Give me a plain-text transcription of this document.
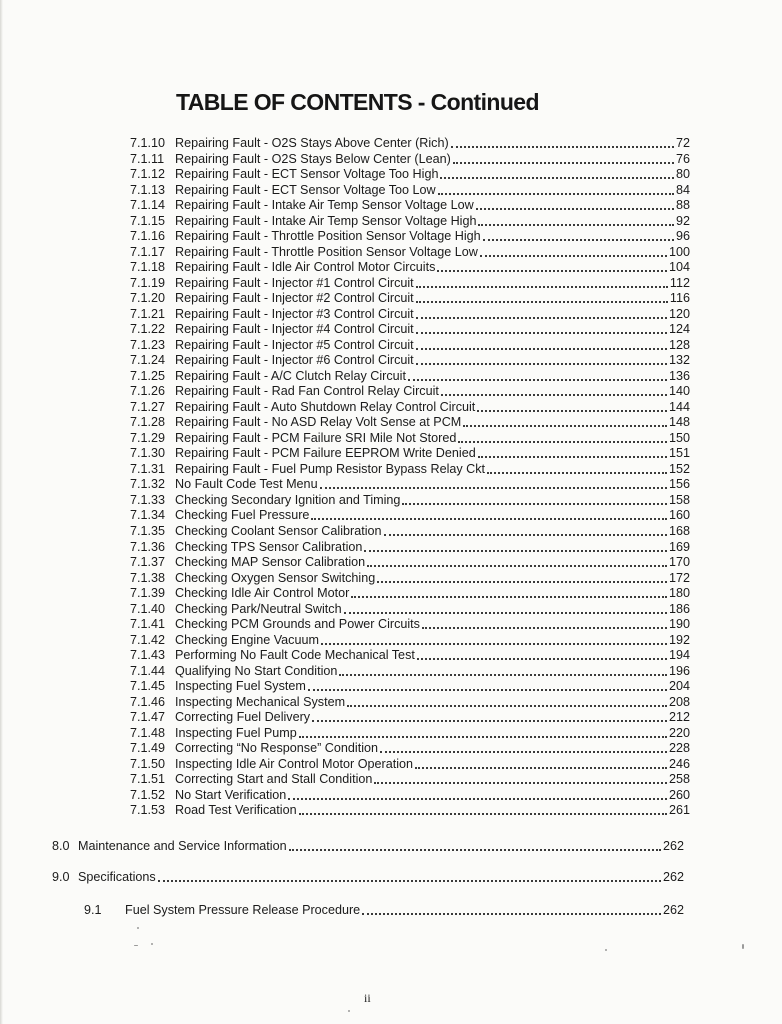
TABLE OF CONTENTS - Continued
7.1.10 Repairing Fault - O2S Stays Above Center (Rich)	72
7.1.11 Repairing Fault - O2S Stays Below Center (Lean)	76
7.1.12 Repairing Fault - ECT Sensor Voltage Too High	80
7.1.13 Repairing Fault - ECT Sensor Voltage Too Low	84
7.1.14 Repairing Fault - Intake Air Temp Sensor Voltage Low	88
7.1.15 Repairing Fault - Intake Air Temp Sensor Voltage High	92
7.1.16 Repairing Fault - Throttle Position Sensor Voltage High	96
7.1.17 Repairing Fault - Throttle Position Sensor Voltage Low	100
7.1.18 Repairing Fault - Idle Air Control Motor Circuits	104
7.1.19 Repairing Fault - Injector #1 Control Circuit	112
7.1.20 Repairing Fault - Injector #2 Control Circuit	116
7.1.21 Repairing Fault - Injector #3 Control Circuit	120
7.1.22 Repairing Fault - Injector #4 Control Circuit	124
7.1.23 Repairing Fault - Injector #5 Control Circuit	128
7.1.24 Repairing Fault - Injector #6 Control Circuit	132
7.1.25 Repairing Fault - A/C Clutch Relay Circuit	136
7.1.26 Repairing Fault - Rad Fan Control Relay Circuit	140
7.1.27 Repairing Fault - Auto Shutdown Relay Control Circuit	144
7.1.28 Repairing Fault - No ASD Relay Volt Sense at PCM	148
7.1.29 Repairing Fault - PCM Failure SRI Mile Not Stored	150
7.1.30 Repairing Fault - PCM Failure EEPROM Write Denied	151
7.1.31 Repairing Fault - Fuel Pump Resistor Bypass Relay Ckt	152
7.1.32 No Fault Code Test Menu	156
7.1.33 Checking Secondary Ignition and Timing	158
7.1.34 Checking Fuel Pressure	160
7.1.35 Checking Coolant Sensor Calibration	168
7.1.36 Checking TPS Sensor Calibration	169
7.1.37 Checking MAP Sensor Calibration	170
7.1.38 Checking Oxygen Sensor Switching	172
7.1.39 Checking Idle Air Control Motor	180
7.1.40 Checking Park/Neutral Switch	186
7.1.41 Checking PCM Grounds and Power Circuits	190
7.1.42 Checking Engine Vacuum	192
7.1.43 Performing No Fault Code Mechanical Test	194
7.1.44 Qualifying No Start Condition	196
7.1.45 Inspecting Fuel System	204
7.1.46 Inspecting Mechanical System	208
7.1.47 Correcting Fuel Delivery	212
7.1.48 Inspecting Fuel Pump	220
7.1.49 Correcting “No Response” Condition	228
7.1.50 Inspecting Idle Air Control Motor Operation	246
7.1.51 Correcting Start and Stall Condition	258
7.1.52 No Start Verification	260
7.1.53 Road Test Verification	261
8.0 Maintenance and Service Information	262
9.0 Specifications	262
9.1	Fuel System Pressure Release Procedure	262
ii
